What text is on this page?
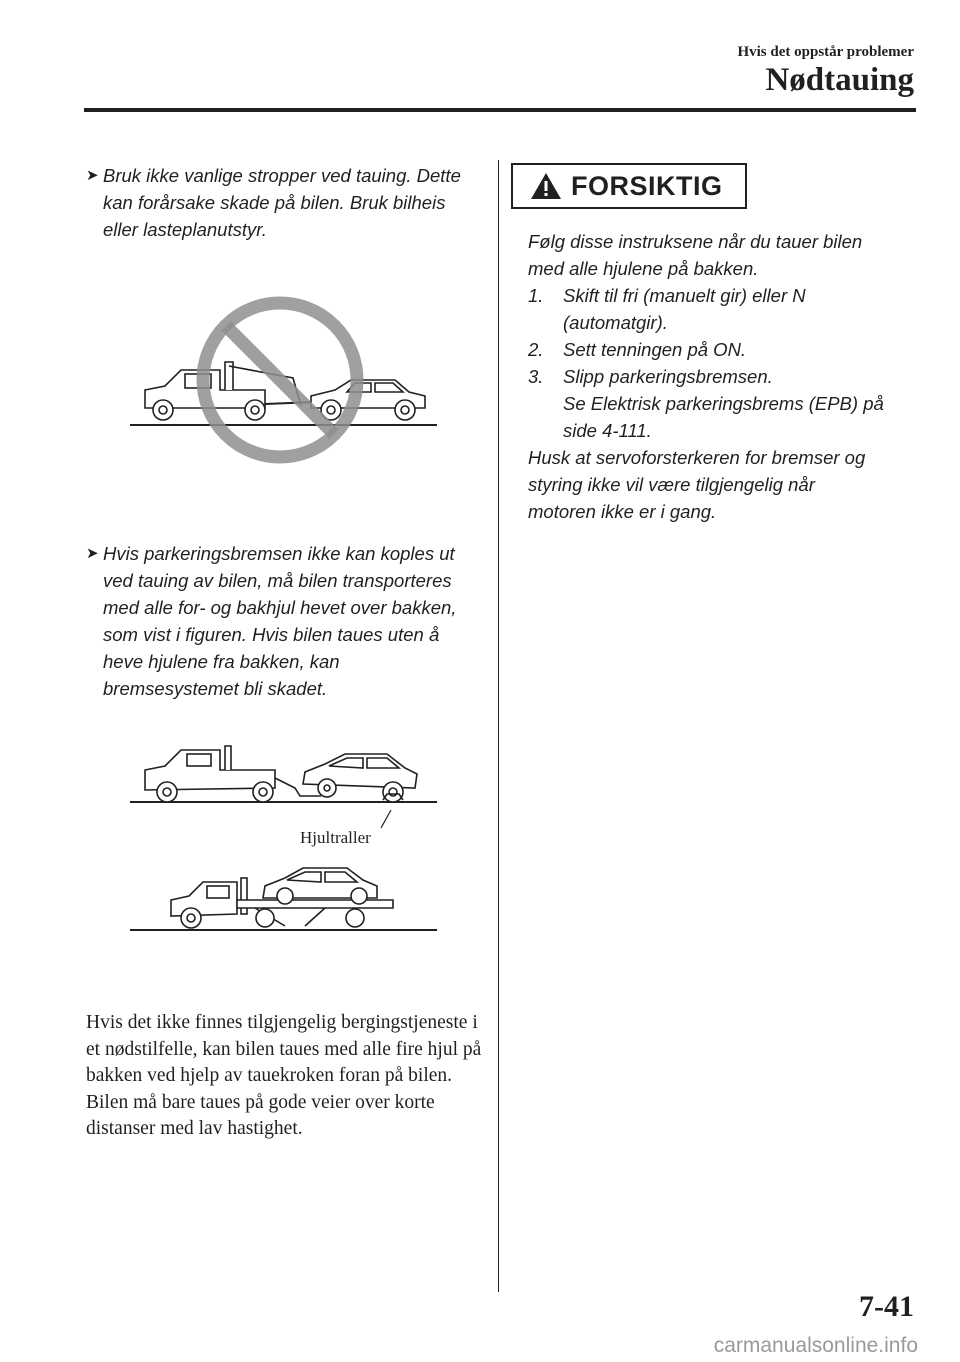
Hvis det oppstår problemer
Nødtauing
➤ Bruk ikke vanlige stropper ved tauing. Dette kan forårsake skade på bilen. Bruk bilheis eller lasteplanutstyr.
➤ Hvis parkeringsbremsen ikke kan koples ut ved tauing av bilen, må bilen transporteres med alle for- og bakhjul hevet over bakken, som vist i figuren. Hvis bilen taues uten å heve hjulene fra bakken, kan bremsesystemet bli skadet.
Hjultraller

Hvis det ikke finnes tilgjengelig bergingstjeneste i et nødstilfelle, kan bilen taues med alle fire hjul på bakken ved hjelp av tauekroken foran på bilen.

Bilen må bare taues på gode veier over korte distanser med lav hastighet.

FORSIKTIG
Følg disse instruksene når du tauer bilen
med alle hjulene på bakken.
1. Skift til fri (manuelt gir) eller N
(automatgir).
2. Sett tenningen på ON.
3. Slipp parkeringsbremsen.
Se Elektrisk parkeringsbrems (EPB) på
side 4-111.
Husk at servoforsterkeren for bremser og
styring ikke vil være tilgjengelig når
motoren ikke er i gang.
7-41
carmanualsonline.info
